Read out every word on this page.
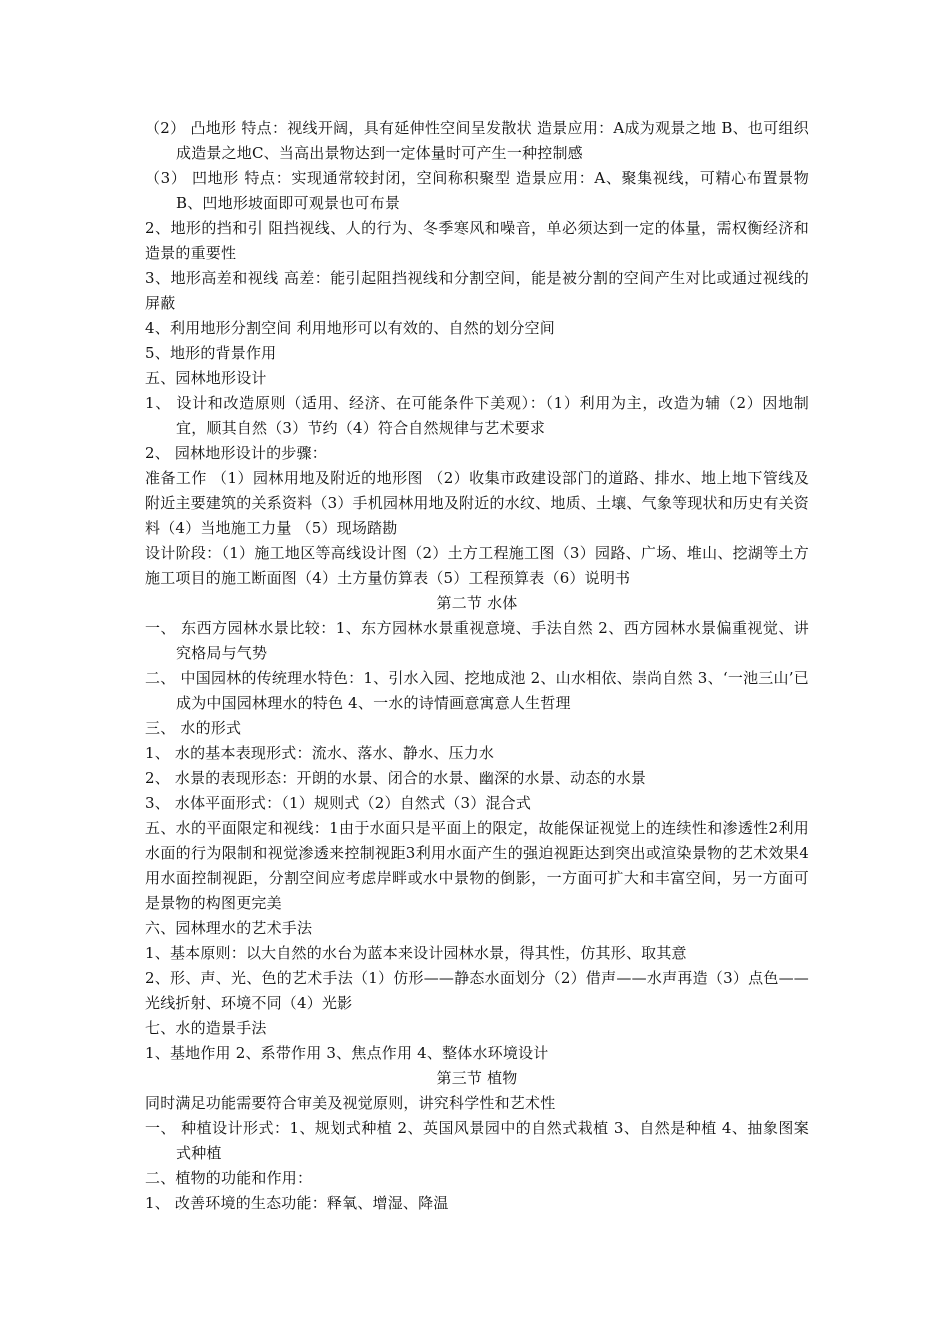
（2） 凸地形 特点：视线开阔，具有延伸性空间呈发散状 造景应用：A成为观景之地 B、也可组织成造景之地C、当高出景物达到一定体量时可产生一种控制感

（3） 凹地形 特点：实现通常较封闭，空间称积聚型 造景应用：A、聚集视线，可精心布置景物 B、凹地形坡面即可观景也可布景

2、地形的挡和引 阻挡视线、人的行为、冬季寒风和噪音，单必须达到一定的体量，需权衡经济和造景的重要性

3、地形高差和视线 高差：能引起阻挡视线和分割空间，能是被分割的空间产生对比或通过视线的屏蔽

4、利用地形分割空间 利用地形可以有效的、自然的划分空间

5、地形的背景作用

五、园林地形设计

1、 设计和改造原则（适用、经济、在可能条件下美观）：（1）利用为主，改造为辅（2）因地制宜，顺其自然（3）节约（4）符合自然规律与艺术要求

2、 园林地形设计的步骤：

准备工作 （1）园林用地及附近的地形图 （2）收集市政建设部门的道路、排水、地上地下管线及附近主要建筑的关系资料（3）手机园林用地及附近的水纹、地质、土壤、气象等现状和历史有关资料（4）当地施工力量 （5）现场踏勘

设计阶段：（1）施工地区等高线设计图（2）土方工程施工图（3）园路、广场、堆山、挖湖等土方施工项目的施工断面图（4）土方量仿算表（5）工程预算表（6）说明书

第二节 水体

一、 东西方园林水景比较：1、东方园林水景重视意境、手法自然 2、西方园林水景偏重视觉、讲究格局与气势

二、 中国园林的传统理水特色：1、引水入园、挖地成池 2、山水相依、崇尚自然 3、‘一池三山’已成为中国园林理水的特色 4、一水的诗情画意寓意人生哲理

三、 水的形式

1、 水的基本表现形式：流水、落水、静水、压力水

2、 水景的表现形态：开朗的水景、闭合的水景、幽深的水景、动态的水景

3、 水体平面形式：（1）规则式（2）自然式（3）混合式

五、水的平面限定和视线：1由于水面只是平面上的限定，故能保证视觉上的连续性和渗透性2利用水面的行为限制和视觉渗透来控制视距3利用水面产生的强迫视距达到突出或渲染景物的艺术效果4用水面控制视距，分割空间应考虑岸畔或水中景物的倒影，一方面可扩大和丰富空间，另一方面可是景物的构图更完美

六、园林理水的艺术手法

1、基本原则：以大自然的水台为蓝本来设计园林水景，得其性，仿其形、取其意

2、形、声、光、色的艺术手法（1）仿形——静态水面划分（2）借声——水声再造（3）点色——光线折射、环境不同（4）光影

七、水的造景手法

1、基地作用 2、系带作用 3、焦点作用 4、整体水环境设计

第三节 植物

同时满足功能需要符合审美及视觉原则，讲究科学性和艺术性

一、 种植设计形式：1、规划式种植 2、英国风景园中的自然式栽植 3、自然是种植 4、抽象图案式种植

二、植物的功能和作用：

1、 改善环境的生态功能：释氧、增湿、降温
